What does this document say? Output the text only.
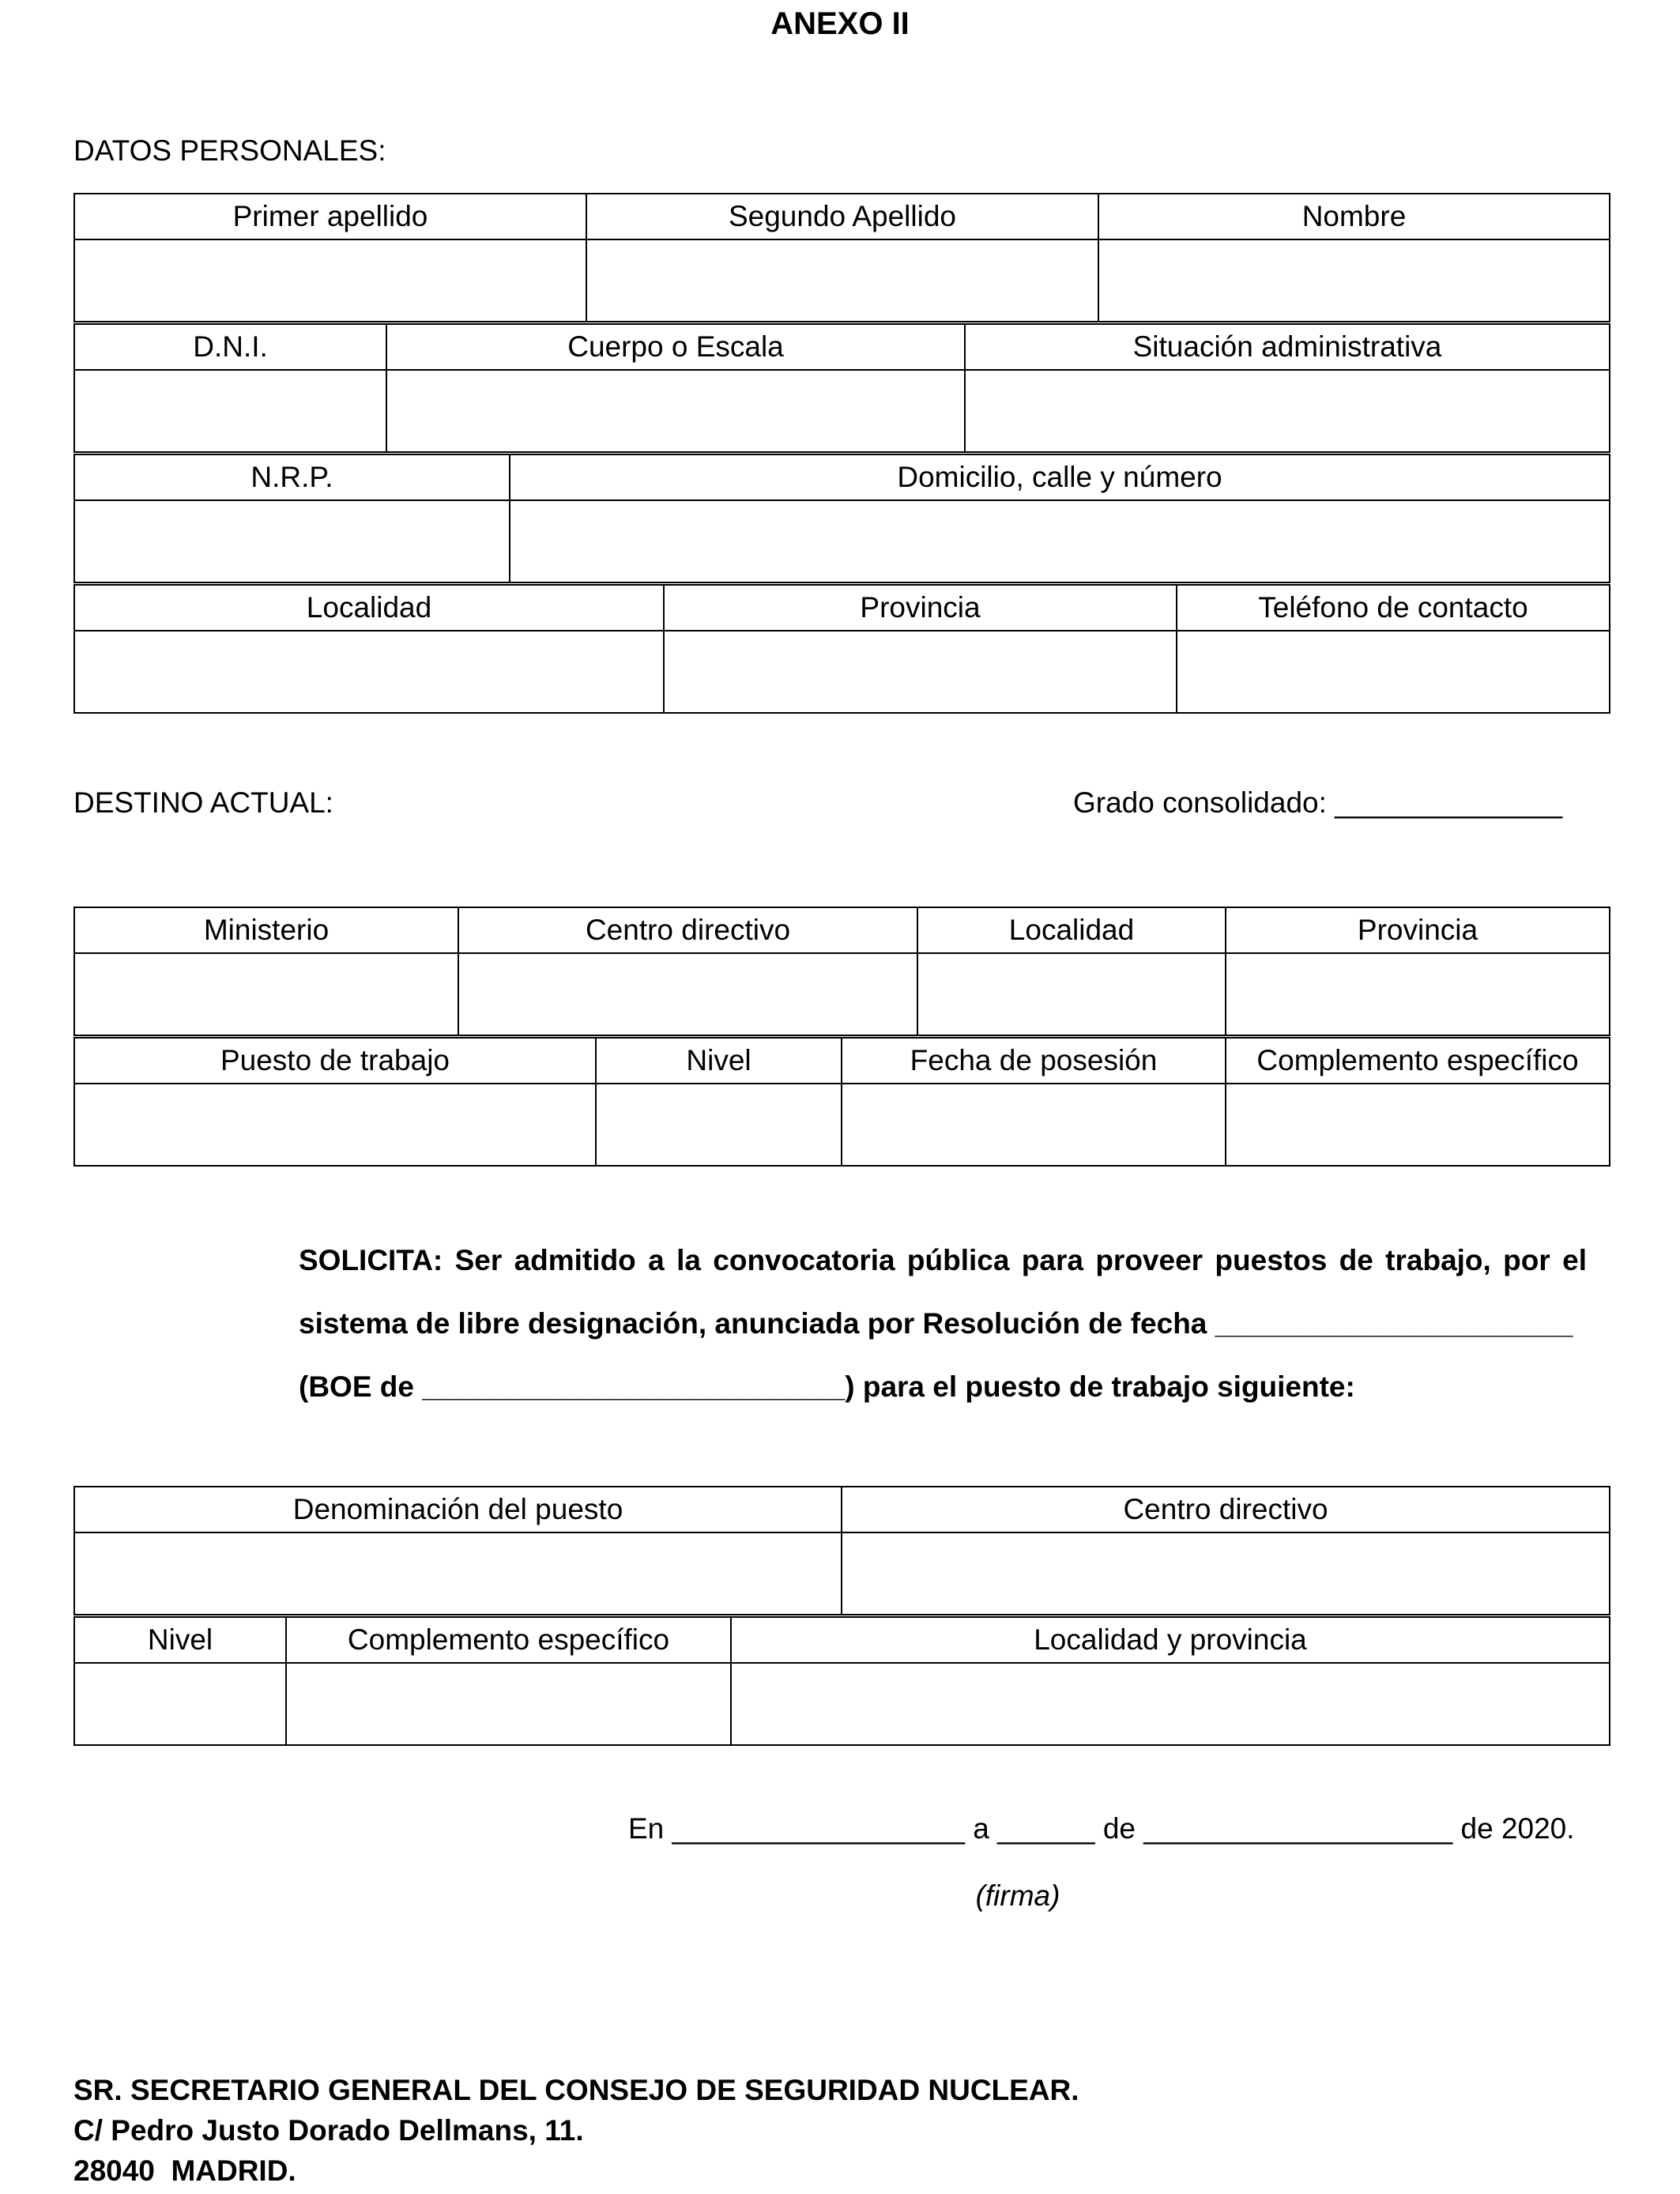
ANEXO II
DATOS PERSONALES:
Primer apellido	Segundo Apellido	Nombre

D.N.I.	Cuerpo o Escala	Situación administrativa

N.R.P.	Domicilio, calle y número

Localidad	Provincia	Teléfono de contacto

DESTINO ACTUAL:	Grado consolidado: ______________
Ministerio	Centro directivo	Localidad	Provincia

Puesto de trabajo	Nivel	Fecha de posesión	Complemento específico

SOLICITA: Ser admitido a la convocatoria pública para proveer puestos de trabajo, por el sistema de libre designación, anunciada por Resolución de fecha ______________________
(BOE de __________________________) para el puesto de trabajo siguiente:
Denominación del puesto	Centro directivo

Nivel	Complemento específico	Localidad y provincia

En __________________ a ______ de ___________________ de 2020.
(firma)
SR. SECRETARIO GENERAL DEL CONSEJO DE SEGURIDAD NUCLEAR.
C/ Pedro Justo Dorado Dellmans, 11.
28040  MADRID.
